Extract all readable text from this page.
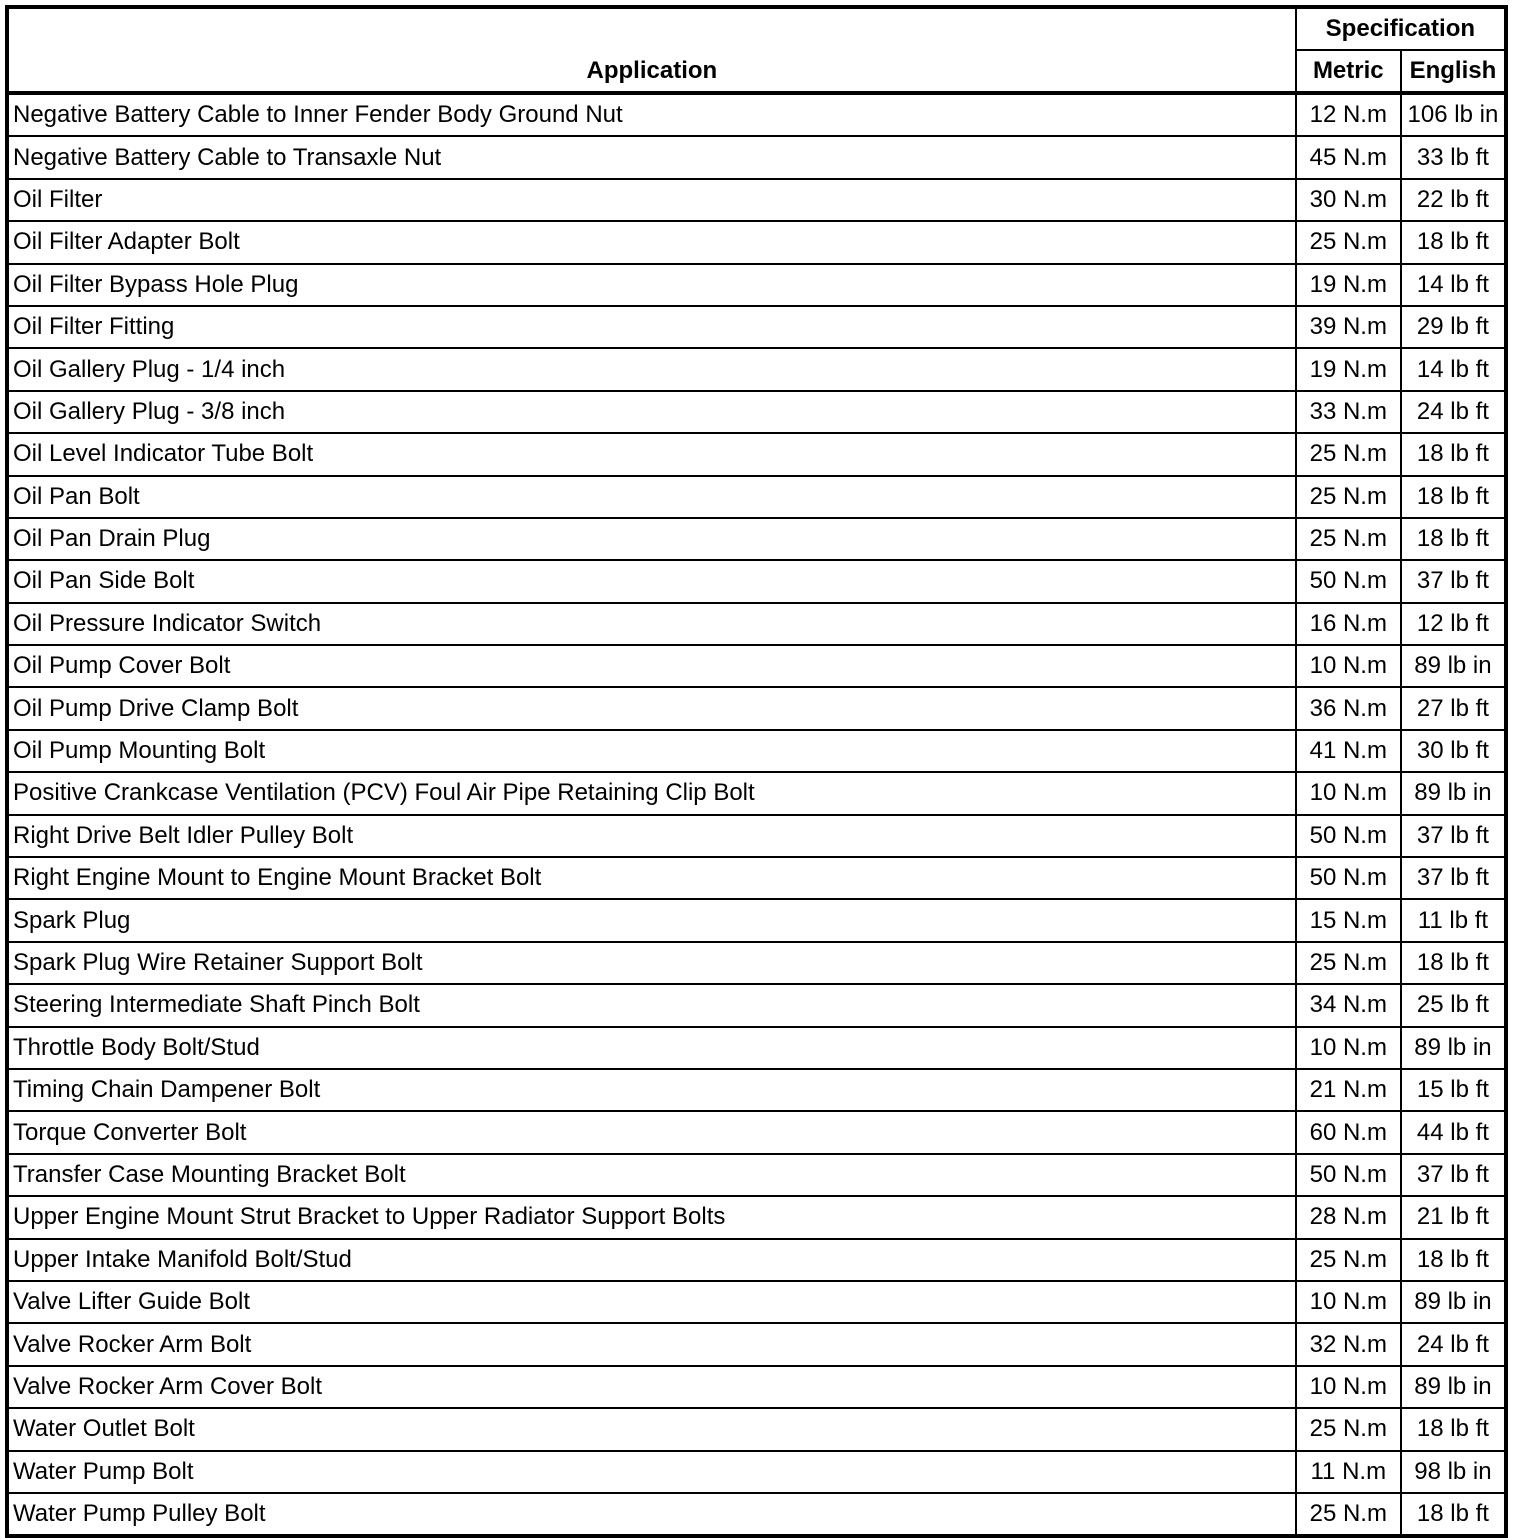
Application	Specification	
	Metric	English
Negative Battery Cable to Inner Fender Body Ground Nut	12 N.m	106 lb in
Negative Battery Cable to Transaxle Nut	45 N.m	33 lb ft
Oil Filter	30 N.m	22 lb ft
Oil Filter Adapter Bolt	25 N.m	18 lb ft
Oil Filter Bypass Hole Plug	19 N.m	14 lb ft
Oil Filter Fitting	39 N.m	29 lb ft
Oil Gallery Plug - 1/4 inch	19 N.m	14 lb ft
Oil Gallery Plug - 3/8 inch	33 N.m	24 lb ft
Oil Level Indicator Tube Bolt	25 N.m	18 lb ft
Oil Pan Bolt	25 N.m	18 lb ft
Oil Pan Drain Plug	25 N.m	18 lb ft
Oil Pan Side Bolt	50 N.m	37 lb ft
Oil Pressure Indicator Switch	16 N.m	12 lb ft
Oil Pump Cover Bolt	10 N.m	89 lb in
Oil Pump Drive Clamp Bolt	36 N.m	27 lb ft
Oil Pump Mounting Bolt	41 N.m	30 lb ft
Positive Crankcase Ventilation (PCV) Foul Air Pipe Retaining Clip Bolt	10 N.m	89 lb in
Right Drive Belt Idler Pulley Bolt	50 N.m	37 lb ft
Right Engine Mount to Engine Mount Bracket Bolt	50 N.m	37 lb ft
Spark Plug	15 N.m	11 lb ft
Spark Plug Wire Retainer Support Bolt	25 N.m	18 lb ft
Steering Intermediate Shaft Pinch Bolt	34 N.m	25 lb ft
Throttle Body Bolt/Stud	10 N.m	89 lb in
Timing Chain Dampener Bolt	21 N.m	15 lb ft
Torque Converter Bolt	60 N.m	44 lb ft
Transfer Case Mounting Bracket Bolt	50 N.m	37 lb ft
Upper Engine Mount Strut Bracket to Upper Radiator Support Bolts	28 N.m	21 lb ft
Upper Intake Manifold Bolt/Stud	25 N.m	18 lb ft
Valve Lifter Guide Bolt	10 N.m	89 lb in
Valve Rocker Arm Bolt	32 N.m	24 lb ft
Valve Rocker Arm Cover Bolt	10 N.m	89 lb in
Water Outlet Bolt	25 N.m	18 lb ft
Water Pump Bolt	11 N.m	98 lb in
Water Pump Pulley Bolt	25 N.m	18 lb ft
